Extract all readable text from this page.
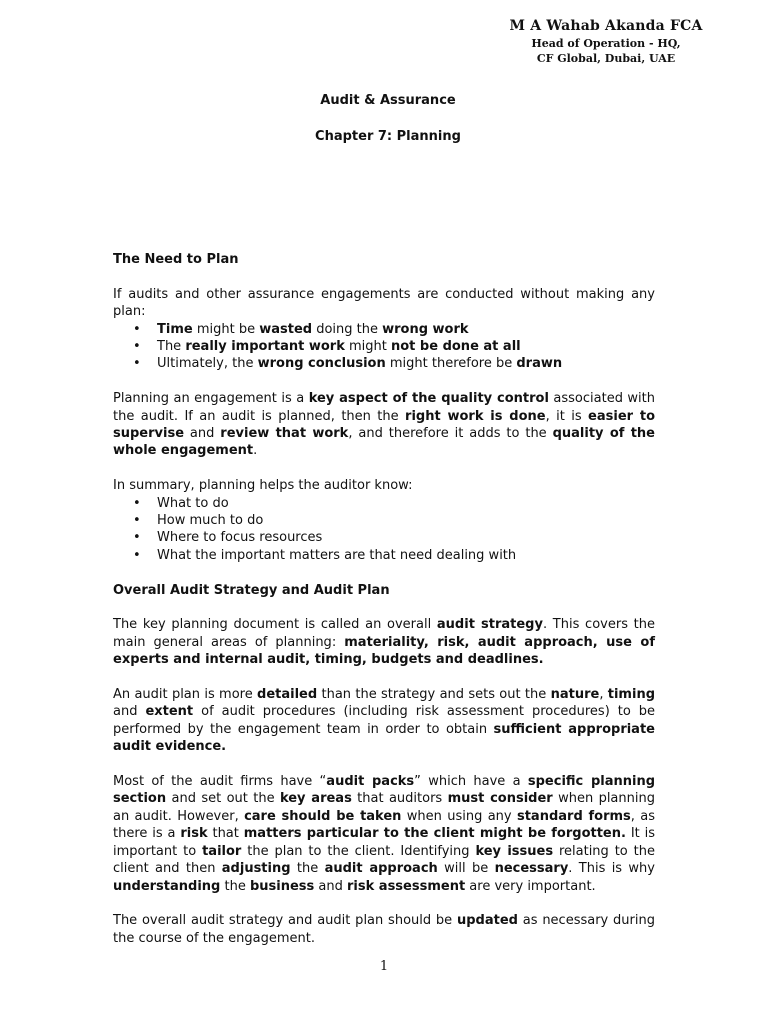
M A Wahab Akanda FCA
Head of Operation - HQ,
CF Global, Dubai, UAE
Audit & Assurance
Chapter 7: Planning
The Need to Plan

If audits and other assurance engagements are conducted without making any plan:

• Time might be wasted doing the wrong work
• The really important work might not be done at all
• Ultimately, the wrong conclusion might therefore be drawn

Planning an engagement is a key aspect of the quality control associated with the audit. If an audit is planned, then the right work is done, it is easier to supervise and review that work, and therefore it adds to the quality of the whole engagement.

In summary, planning helps the auditor know:

• What to do
• How much to do
• Where to focus resources
• What the important matters are that need dealing with
Overall Audit Strategy and Audit Plan

The key planning document is called an overall audit strategy. This covers the main general areas of planning: materiality, risk, audit approach, use of experts and internal audit, timing, budgets and deadlines.

An audit plan is more detailed than the strategy and sets out the nature, timing and extent of audit procedures (including risk assessment procedures) to be performed by the engagement team in order to obtain sufficient appropriate audit evidence.

Most of the audit firms have “audit packs” which have a specific planning section and set out the key areas that auditors must consider when planning an audit. However, care should be taken when using any standard forms, as there is a risk that matters particular to the client might be forgotten. It is important to tailor the plan to the client. Identifying key issues relating to the client and then adjusting the audit approach will be necessary. This is why understanding the business and risk assessment are very important.

The overall audit strategy and audit plan should be updated as necessary during the course of the engagement.

1
